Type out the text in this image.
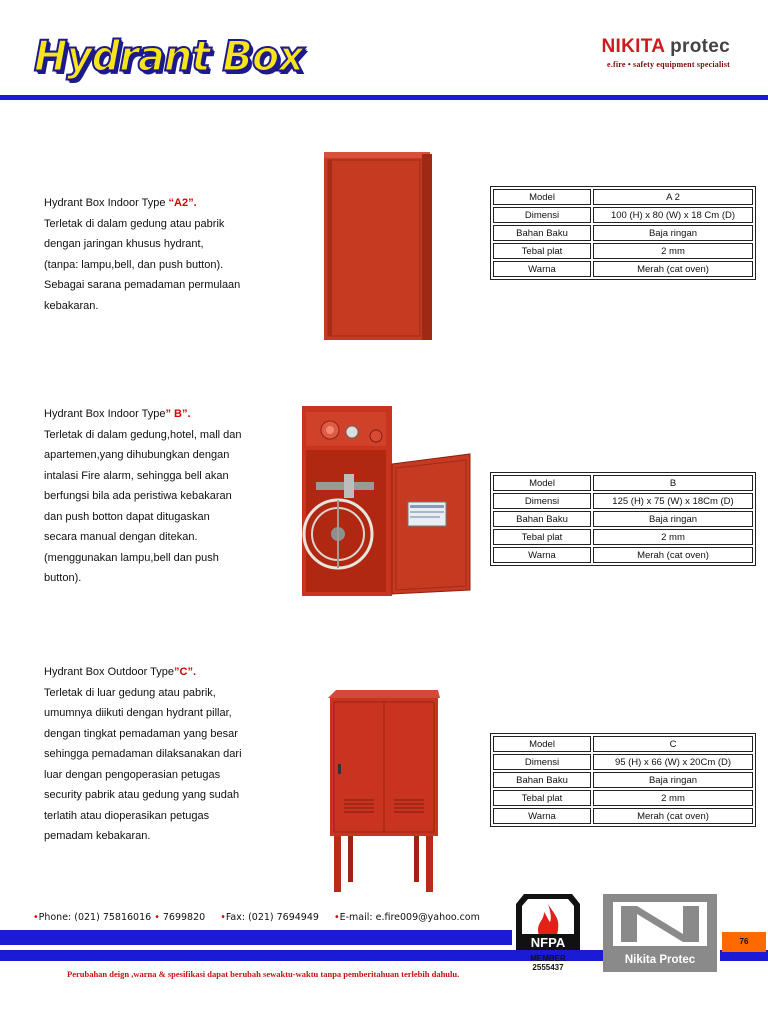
Hydrant Box	NIKITA protec
e.fire • safety equipment specialist

Hydrant Box Indoor Type “A2”.

Terletak di dalam gedung atau pabrik

dengan jaringan khusus hydrant,

(tanpa: lampu,bell, dan push button).

Sebagai sarana pemadaman permulaan

kebakaran.

Model	A 2
Dimensi	100 (H) x 80 (W) x 18 Cm (D)
Bahan Baku	Baja ringan
Tebal plat	2 mm
Warna	Merah (cat oven)

Hydrant Box Indoor Type” B”.

Terletak di dalam gedung,hotel, mall dan

apartemen,yang dihubungkan dengan

intalasi Fire alarm, sehingga bell akan

berfungsi bila ada peristiwa kebakaran

dan push botton dapat ditugaskan

secara manual dengan ditekan.

(menggunakan lampu,bell dan push

button).

Model	B
Dimensi	125 (H) x 75 (W) x 18Cm (D)
Bahan Baku	Baja ringan
Tebal plat	2 mm
Warna	Merah (cat oven)

Hydrant Box Outdoor Type”C”.

Terletak di luar gedung atau pabrik,

umumnya diikuti dengan hydrant pillar,

dengan tingkat pemadaman yang besar

sehingga pemadaman dilaksanakan dari

luar dengan pengoperasian petugas

security pabrik atau gedung yang sudah

terlatih atau dioperasikan petugas

pemadam kebakaran.

Model	C
Dimensi	95 (H) x 66 (W) x 20Cm (D)
Bahan Baku	Baja ringan
Tebal plat	2 mm
Warna	Merah (cat oven)
•Phone: (021) 75816016 • 7699820 •Fax: (021) 7694949 •E-mail: e.fire009@yahoo.com
Perubahan deign ,warna & spesifikasi dapat berubah sewaktu-waktu tanpa pemberitahuan terlebih dahulu.
NFPA
MEMBER
2555437
Nikita Protec
76
